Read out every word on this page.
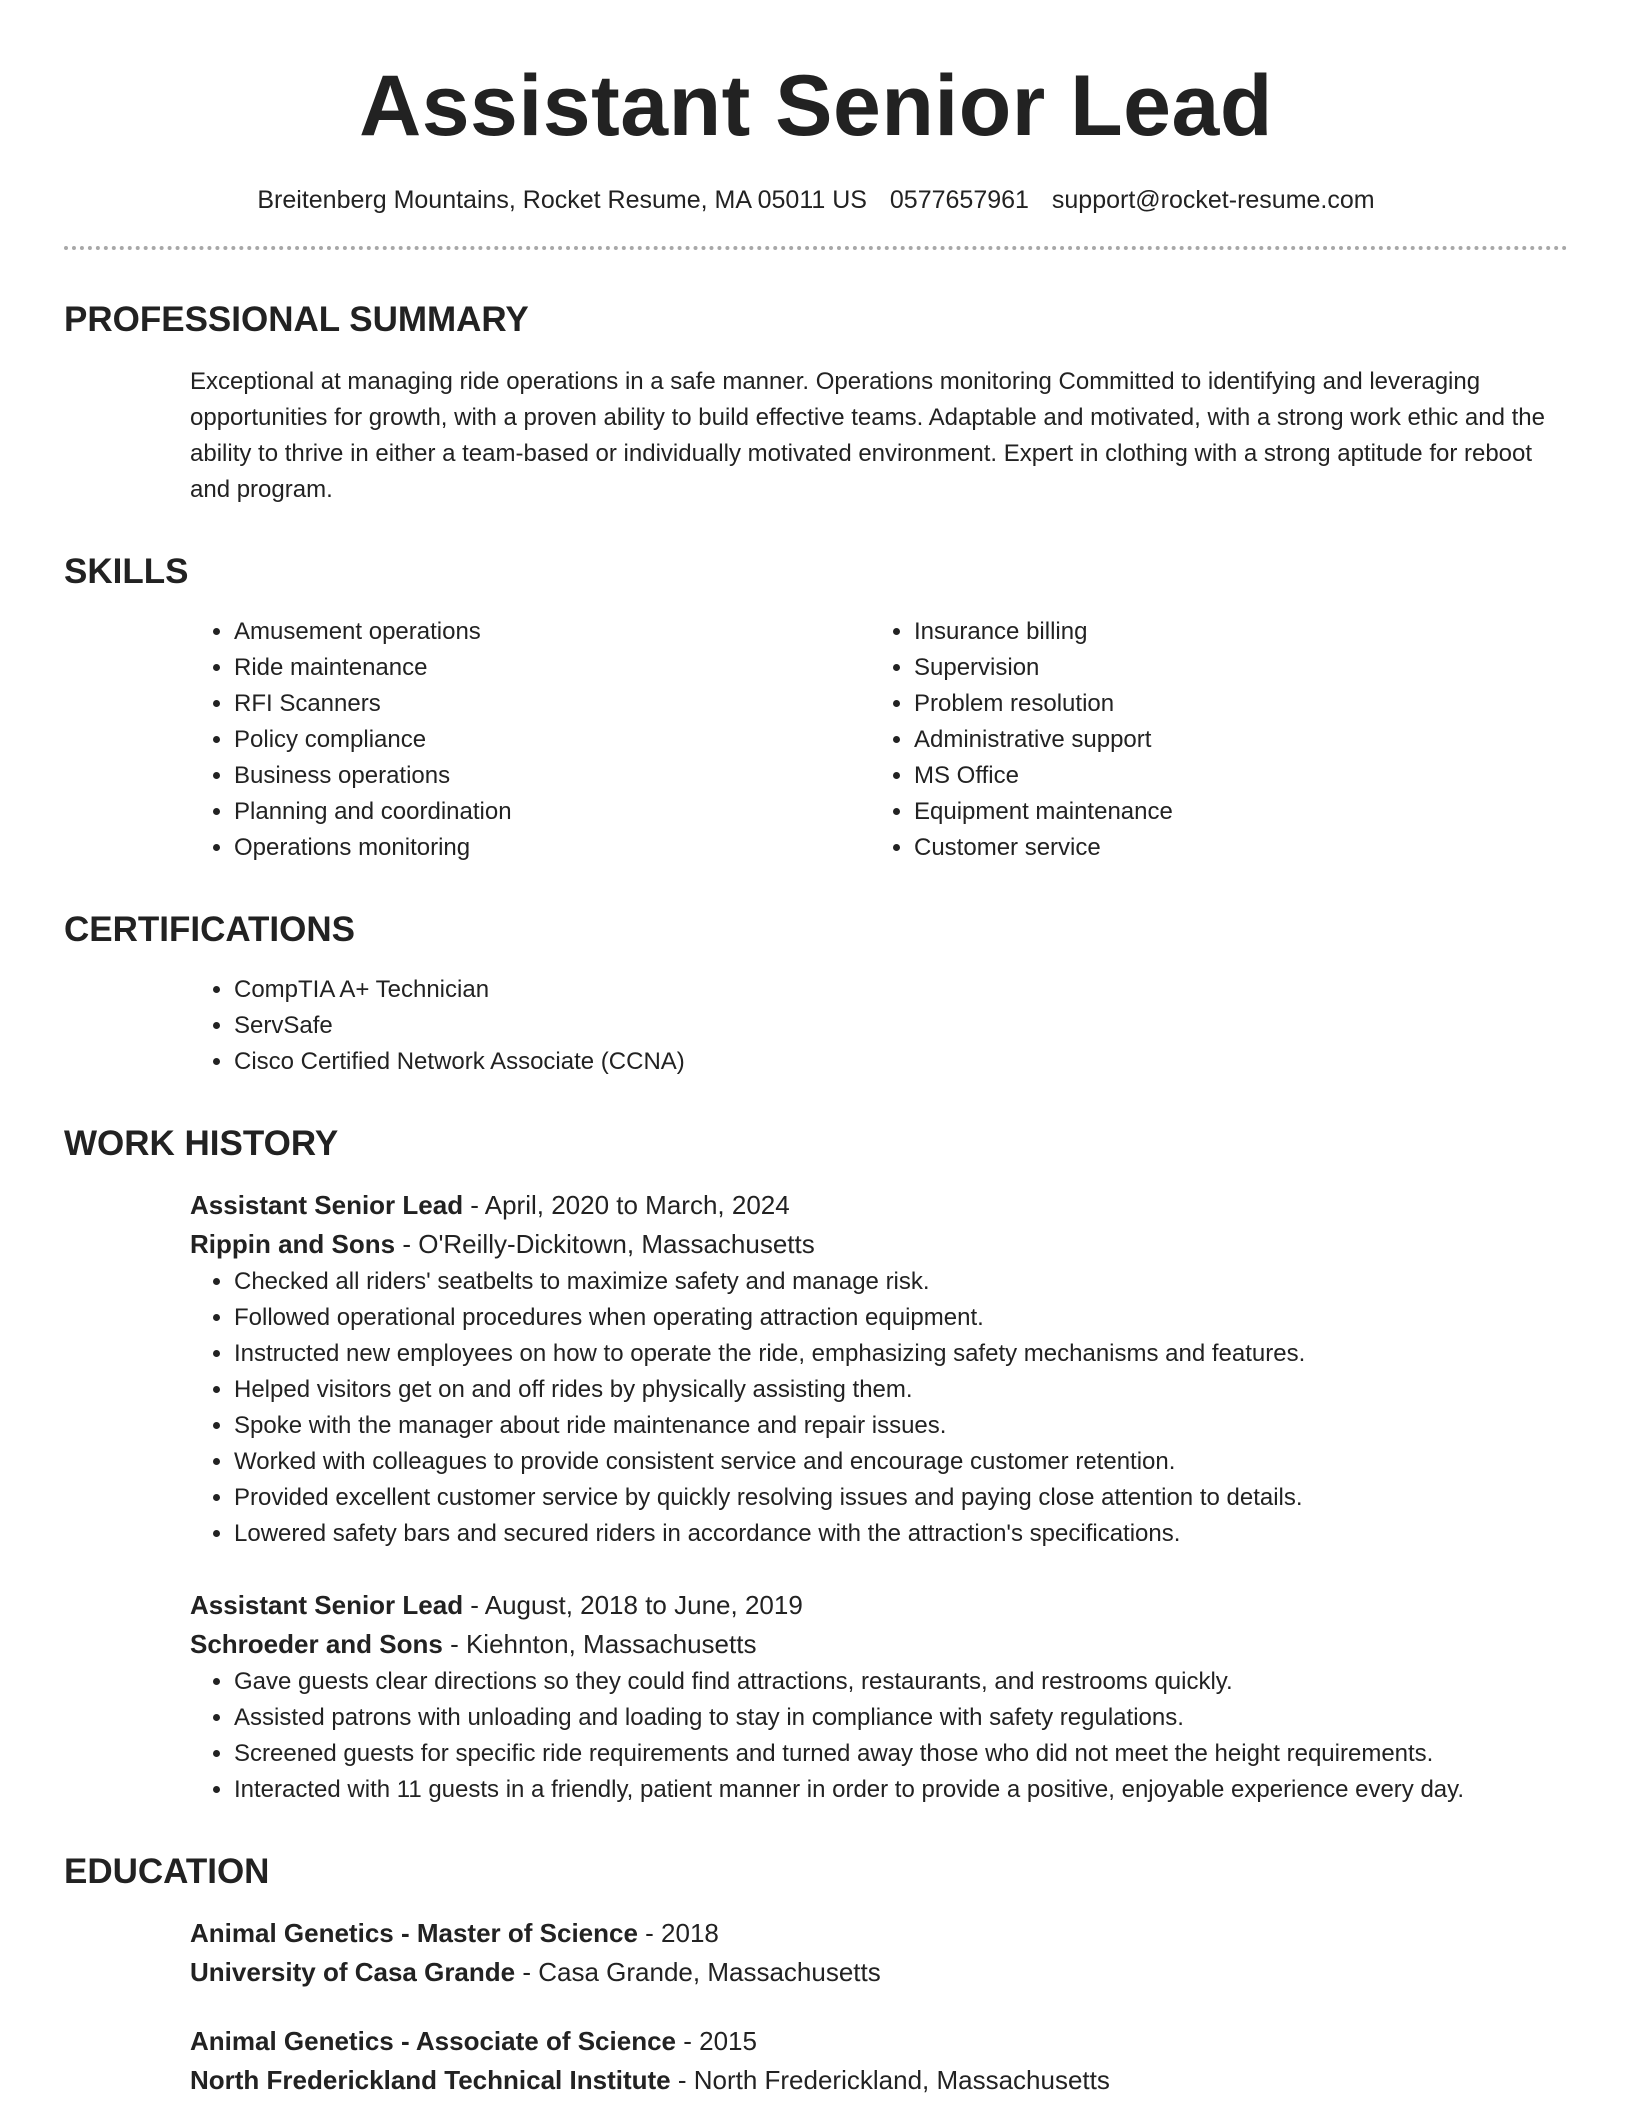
Assistant Senior Lead
Breitenberg Mountains, Rocket Resume, MA 05011 US 0577657961 support@rocket-resume.com
PROFESSIONAL SUMMARY
Exceptional at managing ride operations in a safe manner. Operations monitoring Committed to identifying and leveraging opportunities for growth, with a proven ability to build effective teams. Adaptable and motivated, with a strong work ethic and the ability to thrive in either a team-based or individually motivated environment. Expert in clothing with a strong aptitude for reboot and program.
SKILLS
• Amusement operations
• Ride maintenance
• RFI Scanners
• Policy compliance
• Business operations
• Planning and coordination
• Operations monitoring
• Insurance billing
• Supervision
• Problem resolution
• Administrative support
• MS Office
• Equipment maintenance
• Customer service
CERTIFICATIONS
• CompTIA A+ Technician
• ServSafe
• Cisco Certified Network Associate (CCNA)
WORK HISTORY
Assistant Senior Lead - April, 2020 to March, 2024
Rippin and Sons - O'Reilly-Dickitown, Massachusetts
• Checked all riders' seatbelts to maximize safety and manage risk.
• Followed operational procedures when operating attraction equipment.
• Instructed new employees on how to operate the ride, emphasizing safety mechanisms and features.
• Helped visitors get on and off rides by physically assisting them.
• Spoke with the manager about ride maintenance and repair issues.
• Worked with colleagues to provide consistent service and encourage customer retention.
• Provided excellent customer service by quickly resolving issues and paying close attention to details.
• Lowered safety bars and secured riders in accordance with the attraction's specifications.
Assistant Senior Lead - August, 2018 to June, 2019
Schroeder and Sons - Kiehnton, Massachusetts
• Gave guests clear directions so they could find attractions, restaurants, and restrooms quickly.
• Assisted patrons with unloading and loading to stay in compliance with safety regulations.
• Screened guests for specific ride requirements and turned away those who did not meet the height requirements.
• Interacted with 11 guests in a friendly, patient manner in order to provide a positive, enjoyable experience every day.
EDUCATION
Animal Genetics - Master of Science - 2018
University of Casa Grande - Casa Grande, Massachusetts
Animal Genetics - Associate of Science - 2015
North Frederickland Technical Institute - North Frederickland, Massachusetts
